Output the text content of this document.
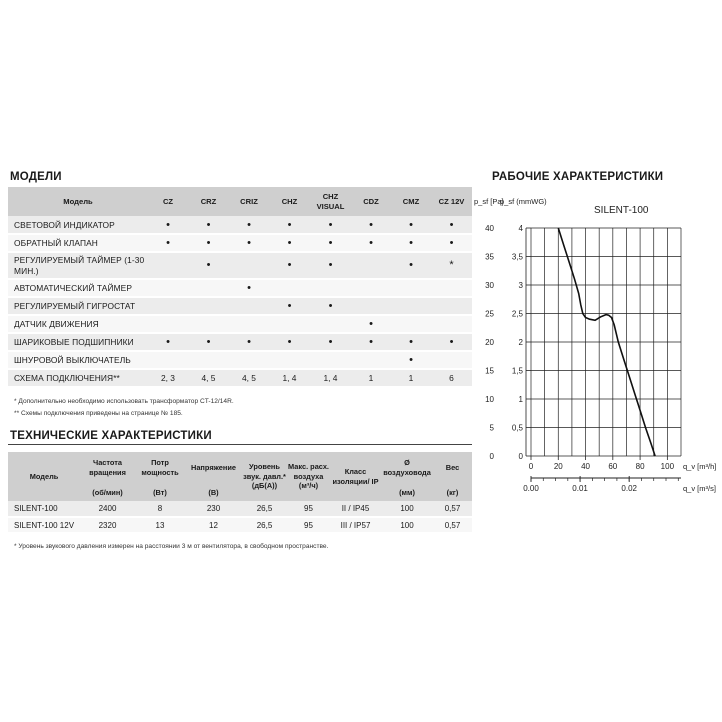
МОДЕЛИ
Модель	CZ	CRZ	CRIZ	CHZ	CHZ VISUAL	CDZ	CMZ	CZ 12V
СВЕТОВОЙ ИНДИКАТОР	•	•	•	•	•	•	•	•
ОБРАТНЫЙ КЛАПАН	•	•	•	•	•	•	•	•
РЕГУЛИРУЕМЫЙ ТАЙМЕР (1-30 МИН.)		•		•	•		•	*
АВТОМАТИЧЕСКИЙ ТАЙМЕР			•					
РЕГУЛИРУЕМЫЙ ГИГРОСТАТ				•	•			
ДАТЧИК ДВИЖЕНИЯ						•		
ШАРИКОВЫЕ ПОДШИПНИКИ	•	•	•	•	•	•	•	•
ШНУРОВОЙ ВЫКЛЮЧАТЕЛЬ							•	
СХЕМА ПОДКЛЮЧЕНИЯ**	2, 3	4, 5	4, 5	1, 4	1, 4	1	1	6
* Дополнительно необходимо использовать трансформатор CT-12/14R.
** Схемы подключения приведены на странице № 185.
ТЕХНИЧЕСКИЕ ХАРАКТЕРИСТИКИ
Модель	Частота вращения	Потр мощность	Напряжение	Уровень звук. давл.* (дБ(А))	Макс. расх. воздуха (м³/ч)	Класс изоляции/ IP	Ø воздуховода	Вес
	(об/мин)	(Вт)	(В)				(мм)	(кг)
SILENT-100	2400	8	230	26,5	95	II / IP45	100	0,57
SILENT-100 12V	2320	13	12	26,5	95	III / IP57	100	0,57
* Уровень звукового давления измерен на расстоянии 3 м от вентилятора, в свободном пространстве.
РАБОЧИЕ ХАРАКТЕРИСТИКИ
0	20 40 60 80 100 q_v [m³/h]
0.00	0.01	0.02	q_v [m³/s]
0
0
0,5
5
1
10
1,5
15
2
20
2,5
25
3
30
3,5
35
4
40
p_sf [Pa]
p_sf (mmWG)
SILENT-100
